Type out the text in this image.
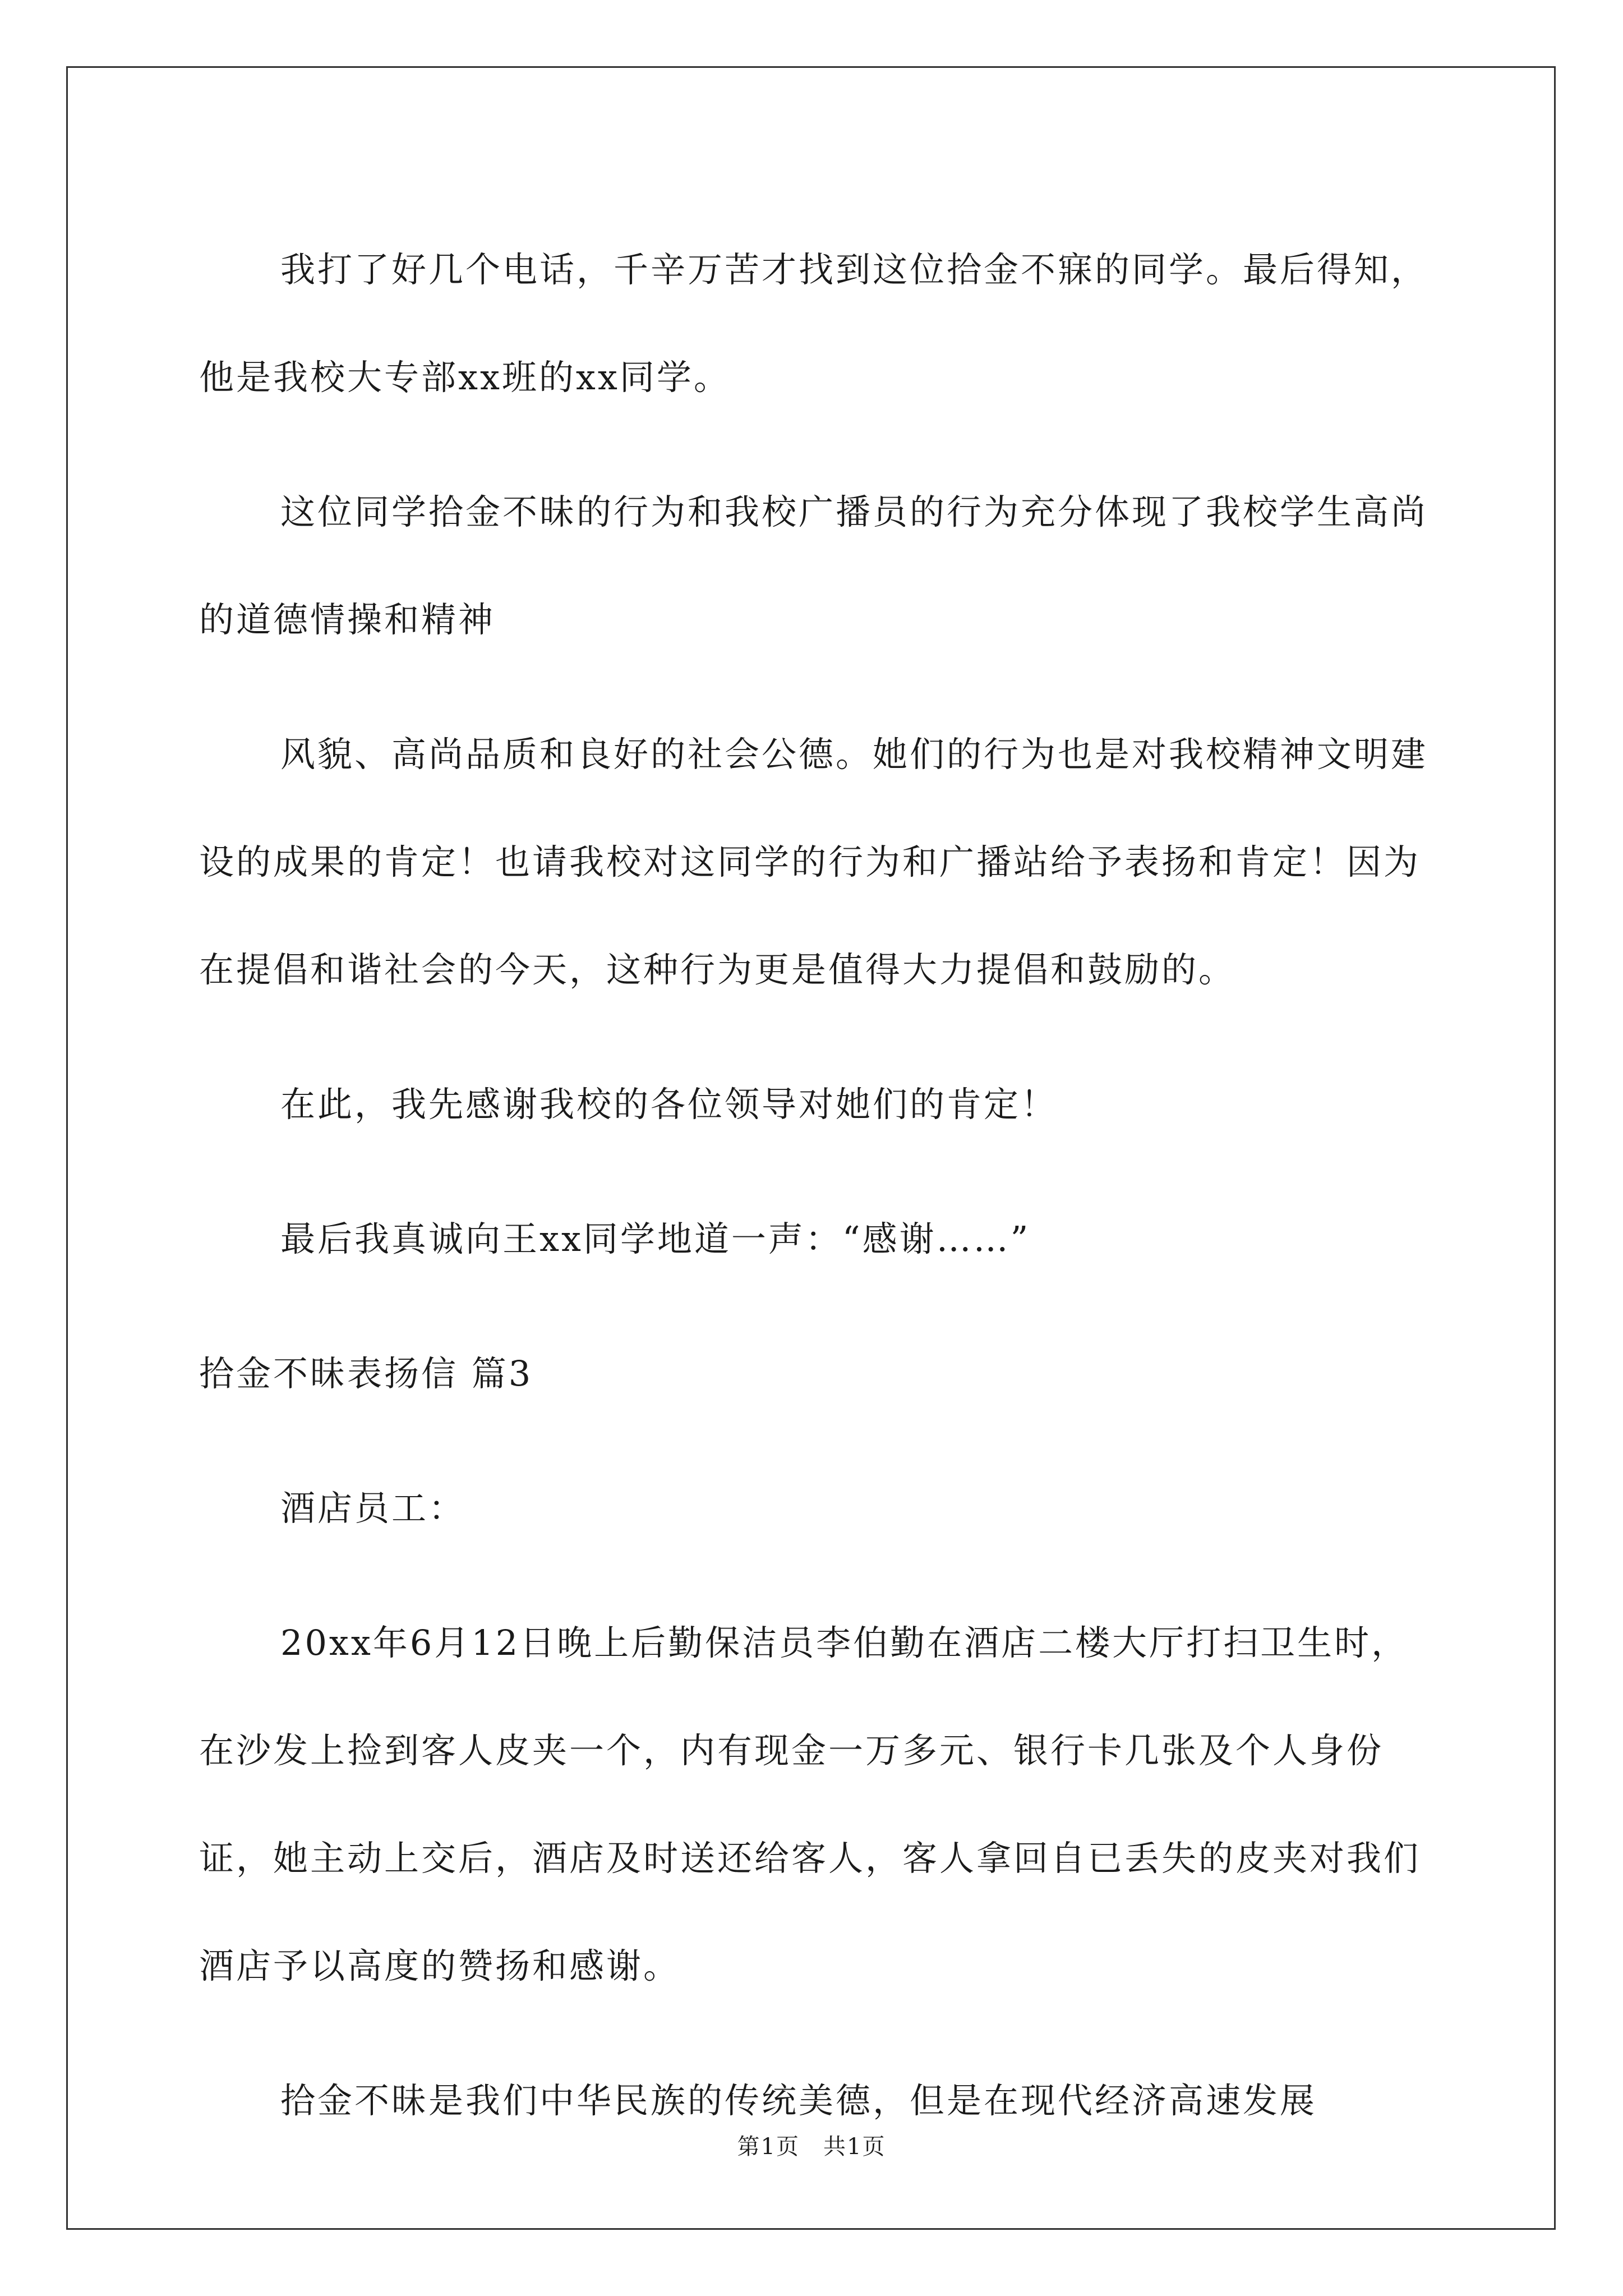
我打了好几个电话，千辛万苦才找到这位拾金不寐的同学。最后得知，他是我校大专部xx班的xx同学。

这位同学拾金不昧的行为和我校广播员的行为充分体现了我校学生高尚的道德情操和精神

风貌、高尚品质和良好的社会公德。她们的行为也是对我校精神文明建设的成果的肯定！也请我校对这同学的行为和广播站给予表扬和肯定！因为在提倡和谐社会的今天，这种行为更是值得大力提倡和鼓励的。

在此，我先感谢我校的各位领导对她们的肯定！

最后我真诚向王xx同学地道一声：“感谢……”

拾金不昧表扬信 篇3

酒店员工：

20xx年6月12日晚上后勤保洁员李伯勤在酒店二楼大厅打扫卫生时，在沙发上捡到客人皮夹一个，内有现金一万多元、银行卡几张及个人身份证，她主动上交后，酒店及时送还给客人，客人拿回自已丢失的皮夹对我们酒店予以高度的赞扬和感谢。

拾金不昧是我们中华民族的传统美德，但是在现代经济高速发展

第1页　共1页
